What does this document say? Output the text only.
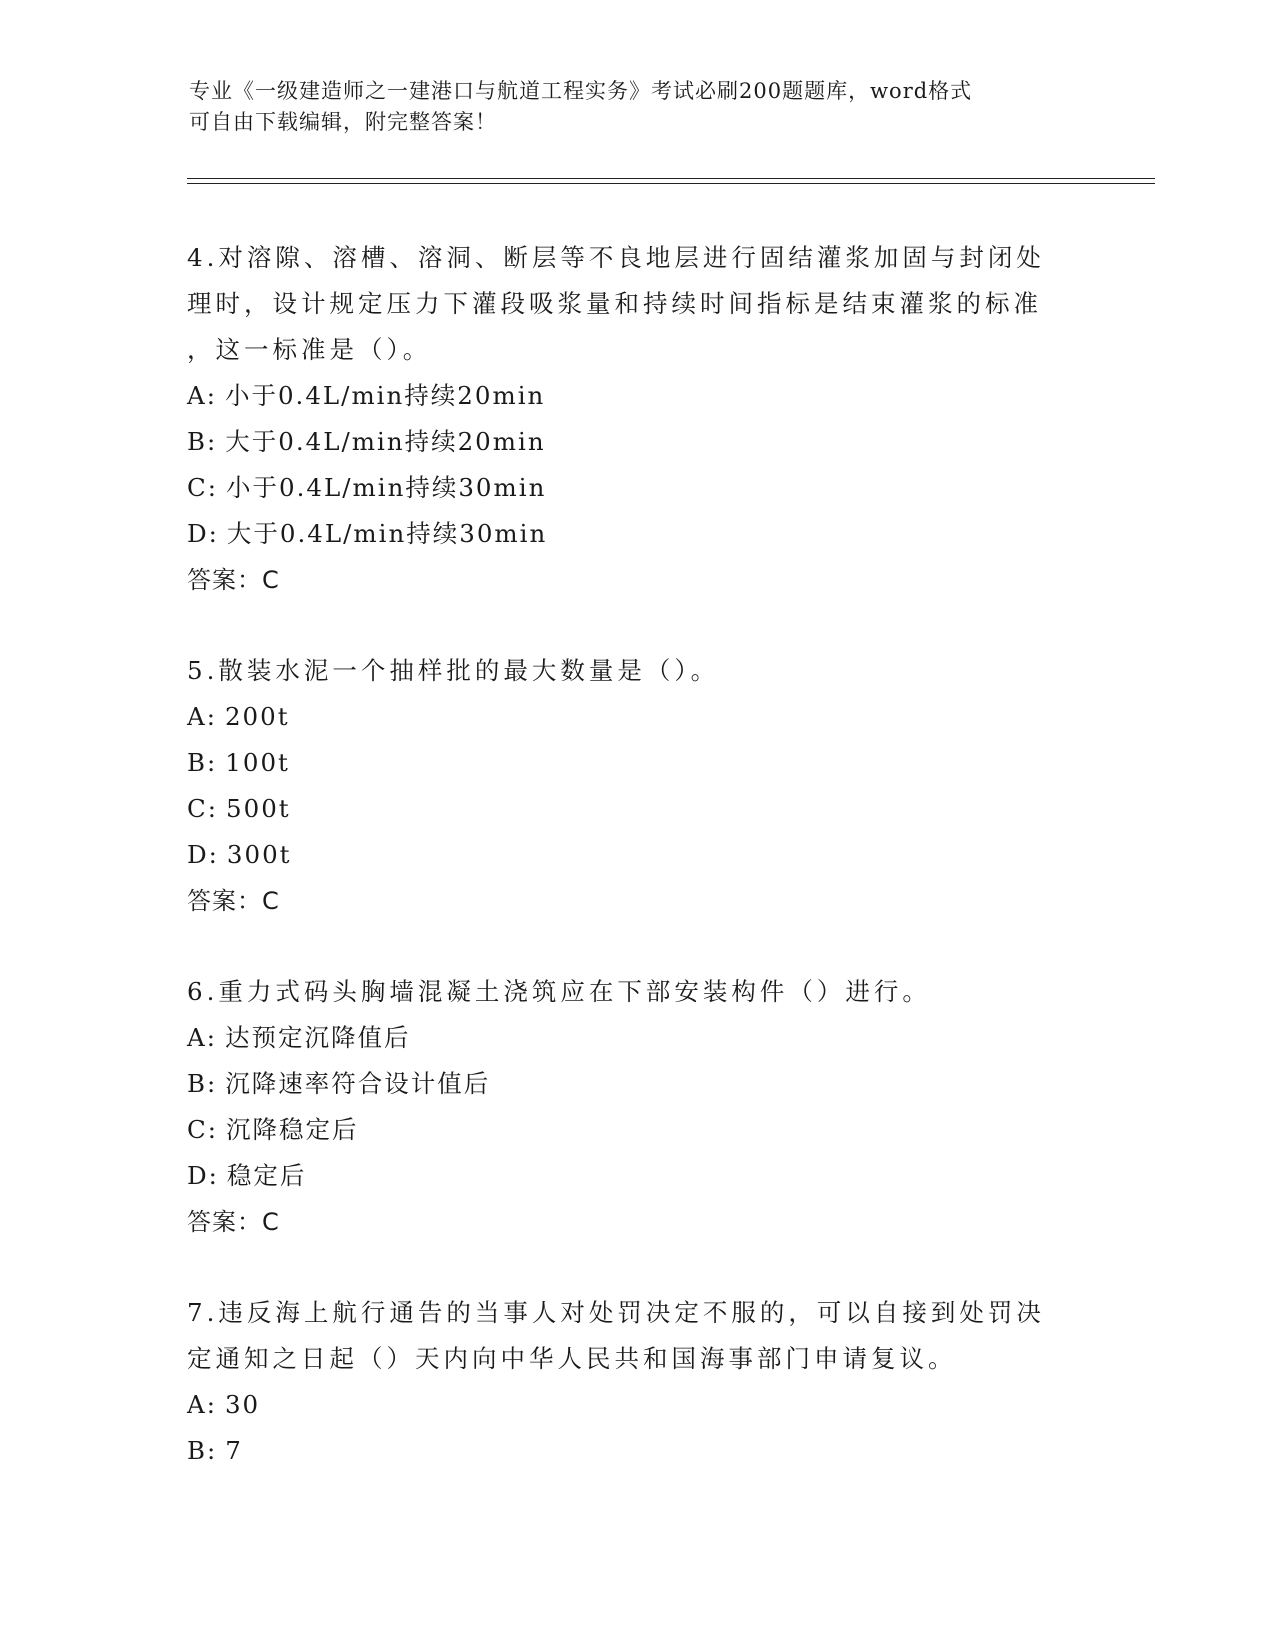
专业《一级建造师之一建港口与航道工程实务》考试必刷200题题库，word格式
可自由下载编辑，附完整答案！
4.对溶隙、溶槽、溶洞、断层等不良地层进行固结灌浆加固与封闭处
理时，设计规定压力下灌段吸浆量和持续时间指标是结束灌浆的标准
，这一标准是（）。
A: 小于0.4L/min持续20min
B: 大于0.4L/min持续20min
C: 小于0.4L/min持续30min
D: 大于0.4L/min持续30min
答案：C
5.散装水泥一个抽样批的最大数量是（）。
A: 200t
B: 100t
C: 500t
D: 300t
答案：C
6.重力式码头胸墙混凝土浇筑应在下部安装构件（）进行。
A: 达预定沉降值后
B: 沉降速率符合设计值后
C: 沉降稳定后
D: 稳定后
答案：C
7.违反海上航行通告的当事人对处罚决定不服的，可以自接到处罚决
定通知之日起（）天内向中华人民共和国海事部门申请复议。
A: 30
B: 7
